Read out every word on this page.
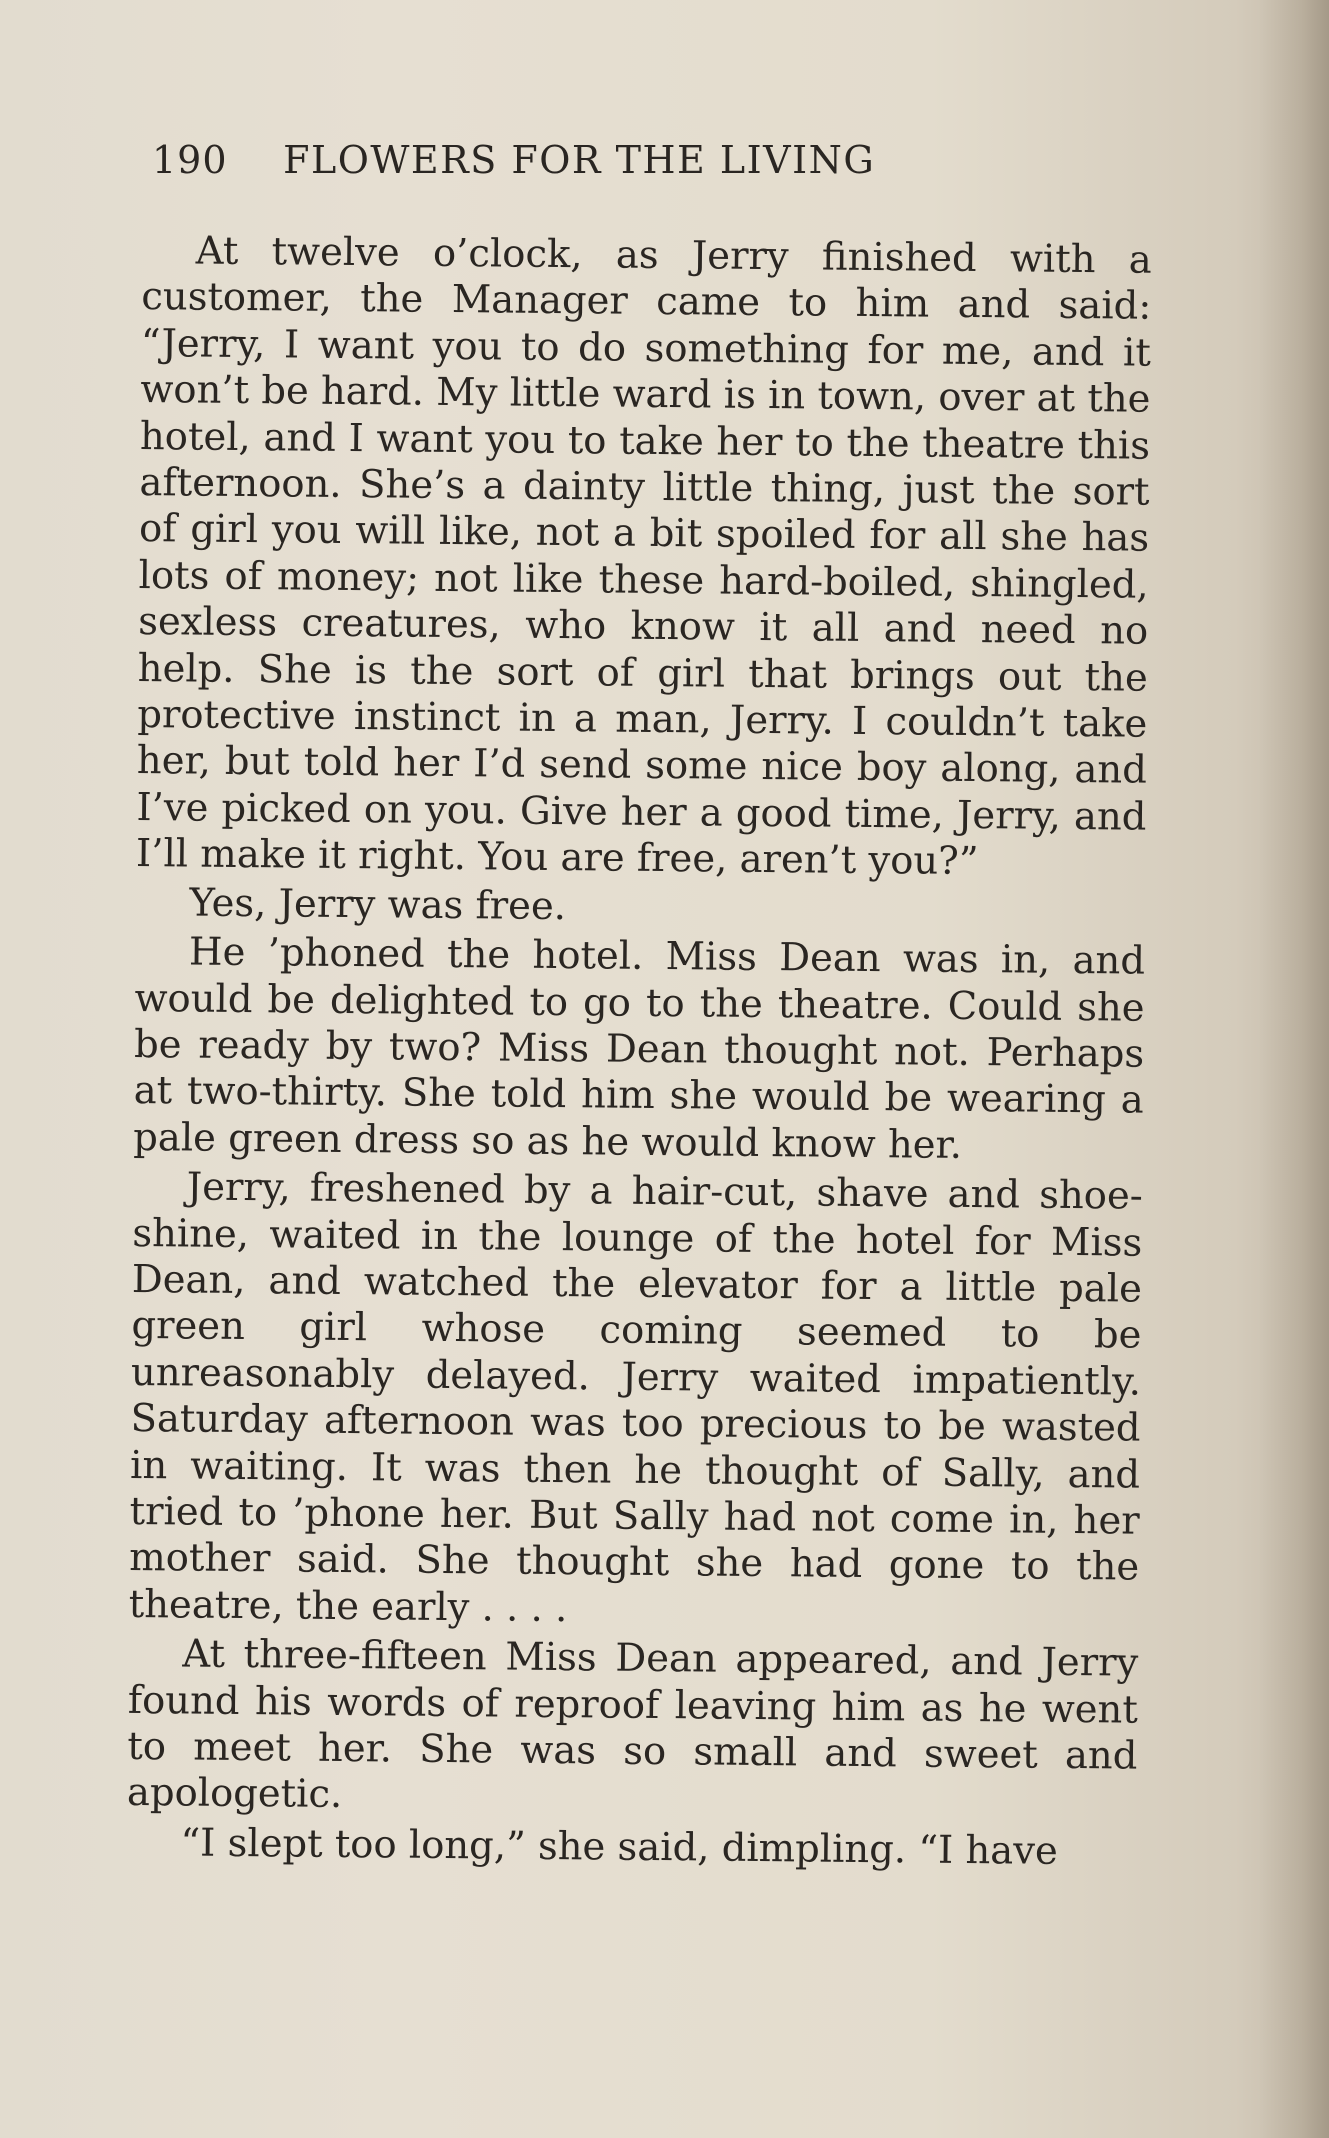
190 FLOWERS FOR THE LIVING

At twelve o’clock, as Jerry finished with a customer, the Manager came to him and said: “Jerry, I want you to do something for me, and it won’t be hard. My little ward is in town, over at the hotel, and I want you to take her to the theatre this afternoon. She’s a dainty little thing, just the sort of girl you will like, not a bit spoiled for all she has lots of money; not like these hard-boiled, shingled, sexless creatures, who know it all and need no help. She is the sort of girl that brings out the protective instinct in a man, Jerry. I couldn’t take her, but told her I’d send some nice boy along, and I’ve picked on you. Give her a good time, Jerry, and I’ll make it right. You are free, aren’t you?”

Yes, Jerry was free.

He ’phoned the hotel. Miss Dean was in, and would be delighted to go to the theatre. Could she be ready by two? Miss Dean thought not. Perhaps at two-thirty. She told him she would be wearing a pale green dress so as he would know her.

Jerry, freshened by a hair-cut, shave and shoe-shine, waited in the lounge of the hotel for Miss Dean, and watched the elevator for a little pale green girl whose coming seemed to be unreasonably delayed. Jerry waited impatiently. Saturday afternoon was too precious to be wasted in waiting. It was then he thought of Sally, and tried to ’phone her. But Sally had not come in, her mother said. She thought she had gone to the theatre, the early . . . .

At three-fifteen Miss Dean appeared, and Jerry found his words of reproof leaving him as he went to meet her. She was so small and sweet and apologetic.

“I slept too long,” she said, dimpling. “I have
